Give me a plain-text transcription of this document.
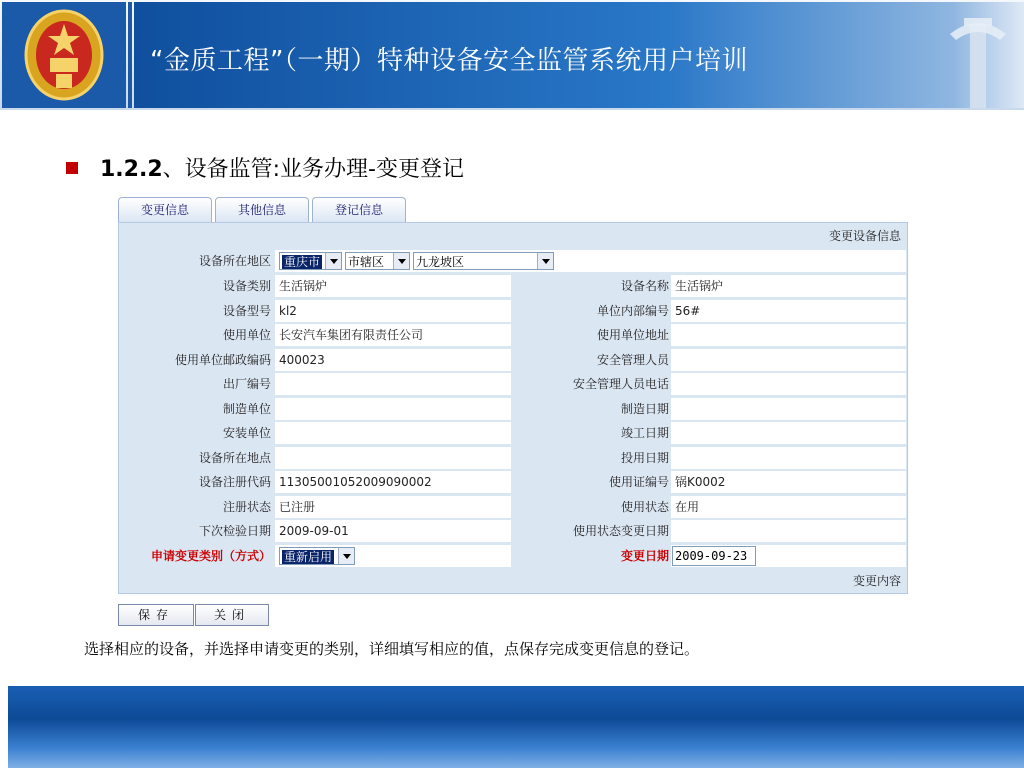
“金质工程”（一期）特种设备安全监管系统用户培训
1.2.2、设备监管:业务办理-变更登记
变更信息	其他信息	登记信息
变更设备信息
设备所在地区	重庆市	市辖区	九龙坡区
设备类别 生活锅炉	设备名称 生活锅炉
设备型号 kl2	单位内部编号 56#
使用单位 长安汽车集团有限责任公司	使用单位地址
使用单位邮政编码 400023	安全管理人员
出厂编号	安全管理人员电话
制造单位	制造日期
安装单位	竣工日期
设备所在地点	投用日期
设备注册代码 11305001052009090002	使用证编号 锅K0002
注册状态 已注册	使用状态 在用
下次检验日期 2009-09-01	使用状态变更日期
申请变更类别（方式）	重新启用	变更日期 2009-09-23
变更内容
保存	关闭
选择相应的设备，并选择申请变更的类别，详细填写相应的值，点保存完成变更信息的登记。
